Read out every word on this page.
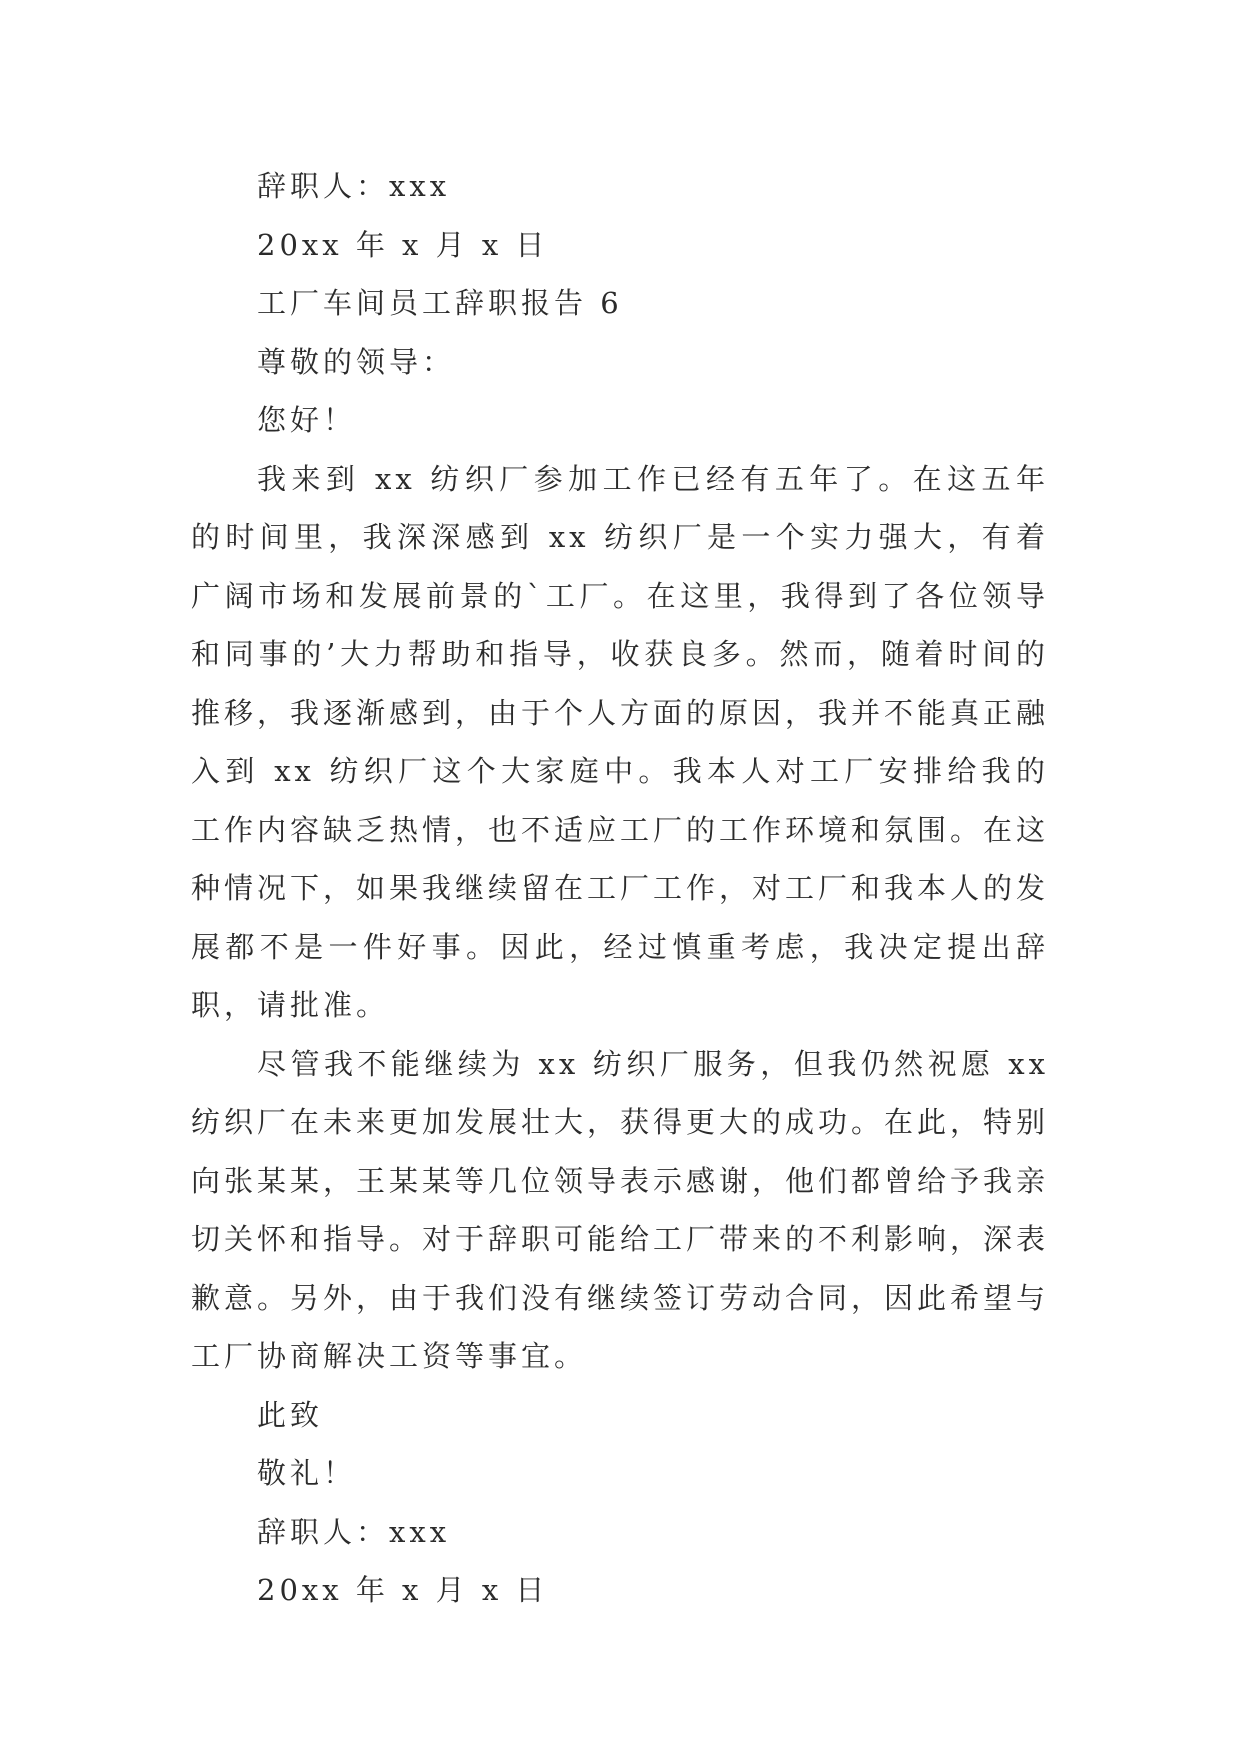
辞职人：xxx

20xx 年 x 月 x 日

工厂车间员工辞职报告 6

尊敬的领导：

您好！

我来到 xx 纺织厂参加工作已经有五年了。在这五年的时间里，我深深感到 xx 纺织厂是一个实力强大，有着广阔市场和发展前景的`工厂。在这里，我得到了各位领导和同事的’大力帮助和指导，收获良多。然而，随着时间的推移，我逐渐感到，由于个人方面的原因，我并不能真正融入到 xx 纺织厂这个大家庭中。我本人对工厂安排给我的工作内容缺乏热情，也不适应工厂的工作环境和氛围。在这种情况下，如果我继续留在工厂工作，对工厂和我本人的发展都不是一件好事。因此，经过慎重考虑，我决定提出辞职，请批准。

尽管我不能继续为 xx 纺织厂服务，但我仍然祝愿 xx 纺织厂在未来更加发展壮大，获得更大的成功。在此，特别向张某某，王某某等几位领导表示感谢，他们都曾给予我亲切关怀和指导。对于辞职可能给工厂带来的不利影响，深表歉意。另外，由于我们没有继续签订劳动合同，因此希望与工厂协商解决工资等事宜。

此致

敬礼！

辞职人：xxx

20xx 年 x 月 x 日
